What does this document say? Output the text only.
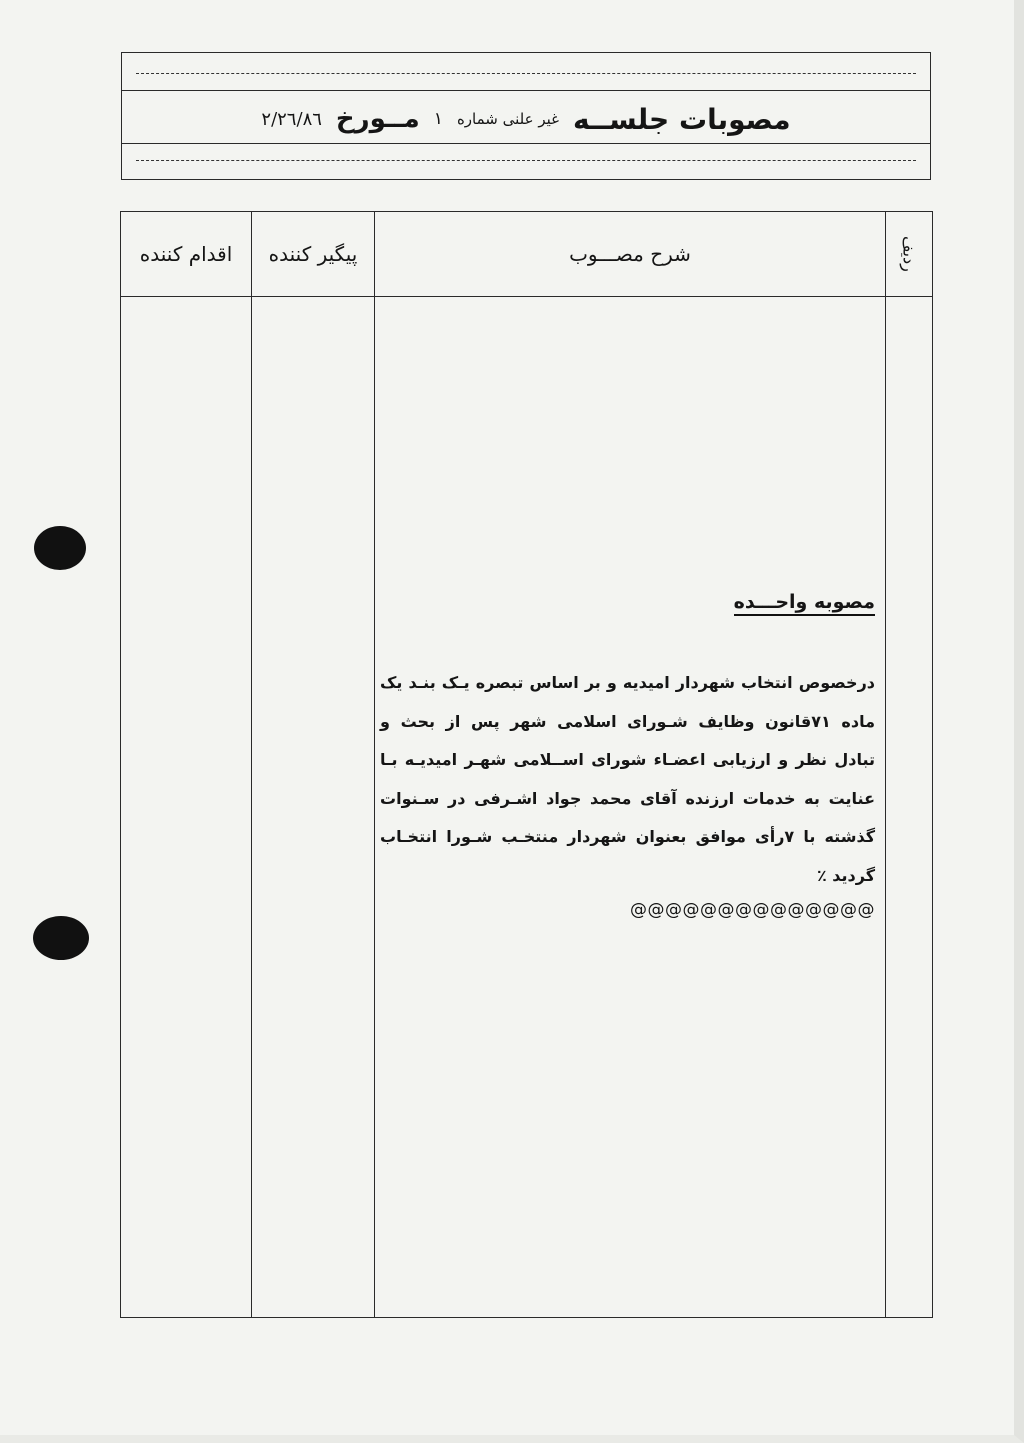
مصوبات جلســه
غیر علنی شماره
۱
مــورخ
۸٦/۲/۲٦
ردیف
شرح مصـــوب
پیگیر کننده
اقدام کننده
مصوبه واحـــده
درخصوص انتخاب شهردار امیدیه و بر اساس تبصره یـک بنـد یک ماده ۷۱قانون وظایف شـورای اسلامی شهر پس از بحث و تبادل نظر و ارزیابی اعضـاء شورای اســلامی شهـر امیدیـه بـا عنایت به خدمات ارزنده آقای محمد جواد اشـرفی در سـنوات گذشته با ۷رأی موافق بعنوان شهردار منتخـب شـورا انتخـاب گردید ٪
@@@@@@@@@@@@@@
